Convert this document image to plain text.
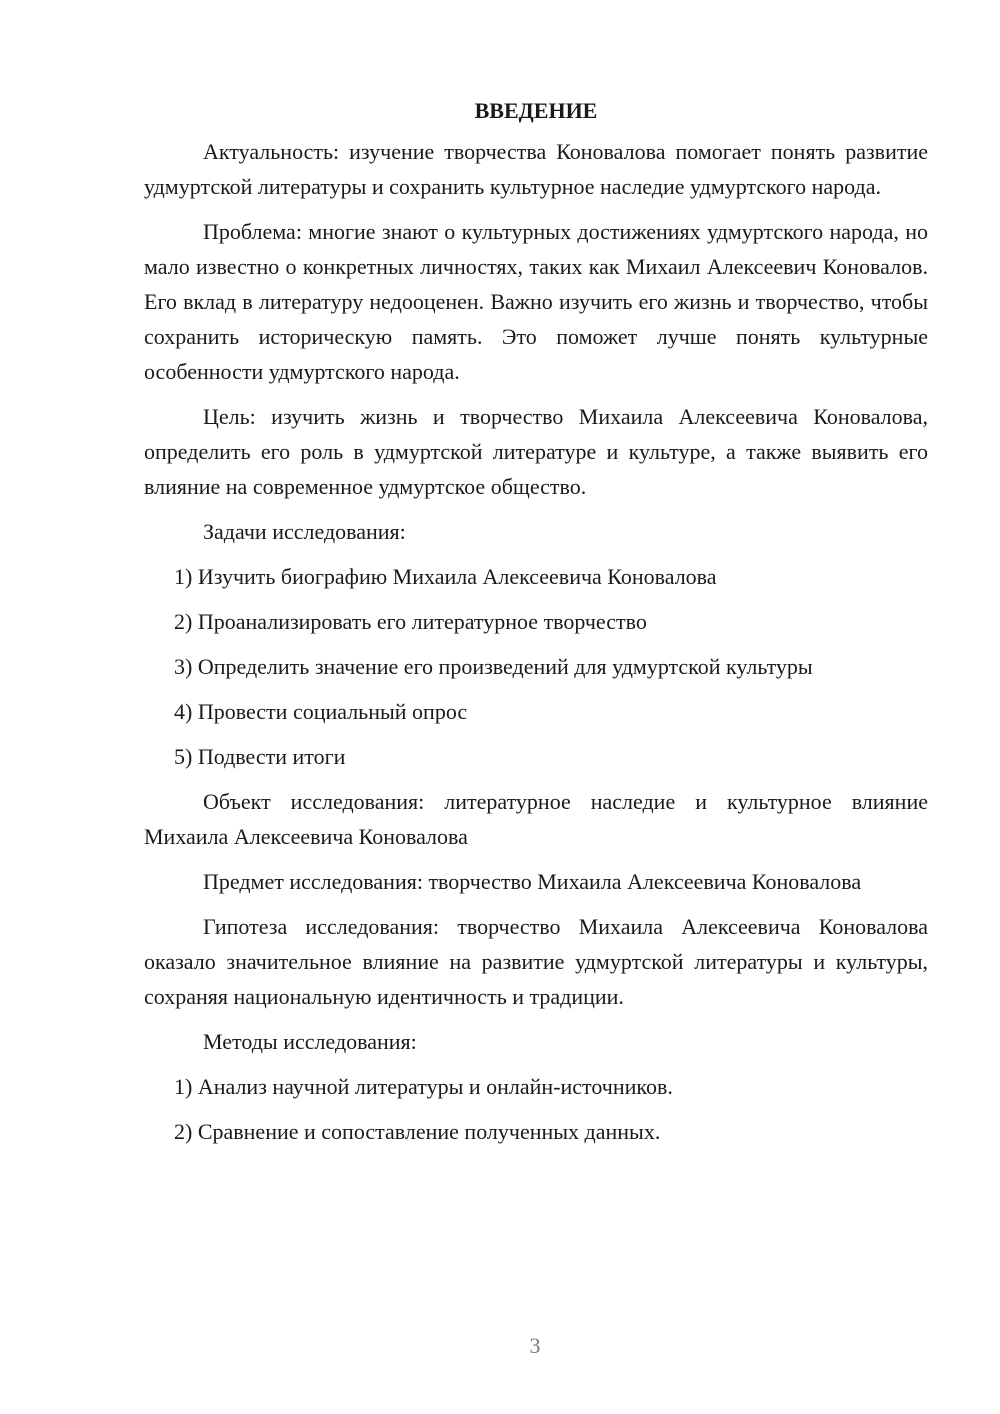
ВВЕДЕНИЕ
Актуальность: изучение творчества Коновалова помогает понять развитие удмуртской литературы и сохранить культурное наследие удмуртского народа.
Проблема: многие знают о культурных достижениях удмуртского народа, но мало известно о конкретных личностях, таких как Михаил Алексеевич Коновалов. Его вклад в литературу недооценен. Важно изучить его жизнь и творчество, чтобы сохранить историческую память. Это поможет лучше понять культурные особенности удмуртского народа.
Цель: изучить жизнь и творчество Михаила Алексеевича Коновалова, определить его роль в удмуртской литературе и культуре, а также выявить его влияние на современное удмуртское общество.
Задачи исследования:
1) Изучить биографию Михаила Алексеевича Коновалова
2) Проанализировать его литературное творчество
3) Определить значение его произведений для удмуртской культуры
4) Провести социальный опрос
5) Подвести итоги
Объект исследования: литературное наследие и культурное влияние Михаила Алексеевича Коновалова
Предмет исследования: творчество Михаила Алексеевича Коновалова
Гипотеза исследования: творчество Михаила Алексеевича Коновалова оказало значительное влияние на развитие удмуртской литературы и культуры, сохраняя национальную идентичность и традиции.
Методы исследования:
1) Анализ научной литературы и онлайн-источников.
2) Сравнение и сопоставление полученных данных.
3
